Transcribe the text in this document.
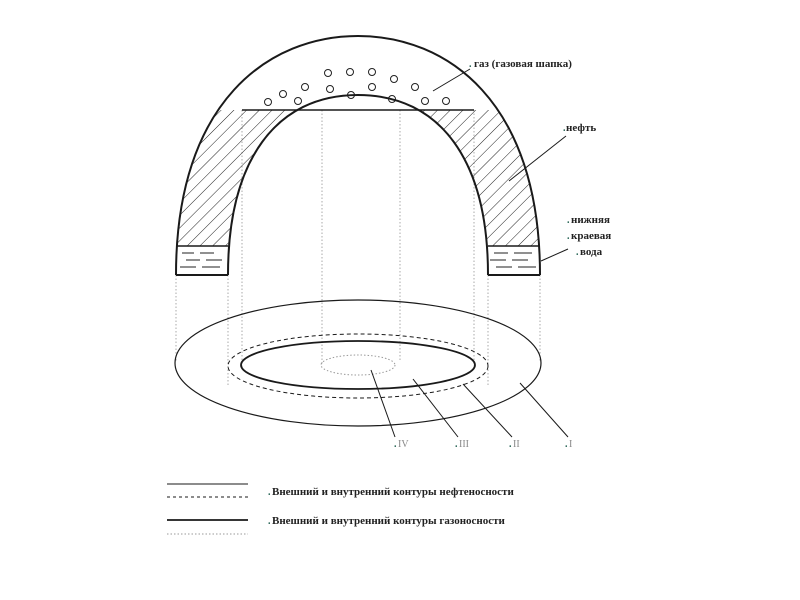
. газ (газовая шапка)
. нефть
. нижняя
. краевая
. вода
. IV	. III	. II	. I
. Внешний и внутренний контуры нефтеносности
. Внешний и внутренний контуры газоносности
